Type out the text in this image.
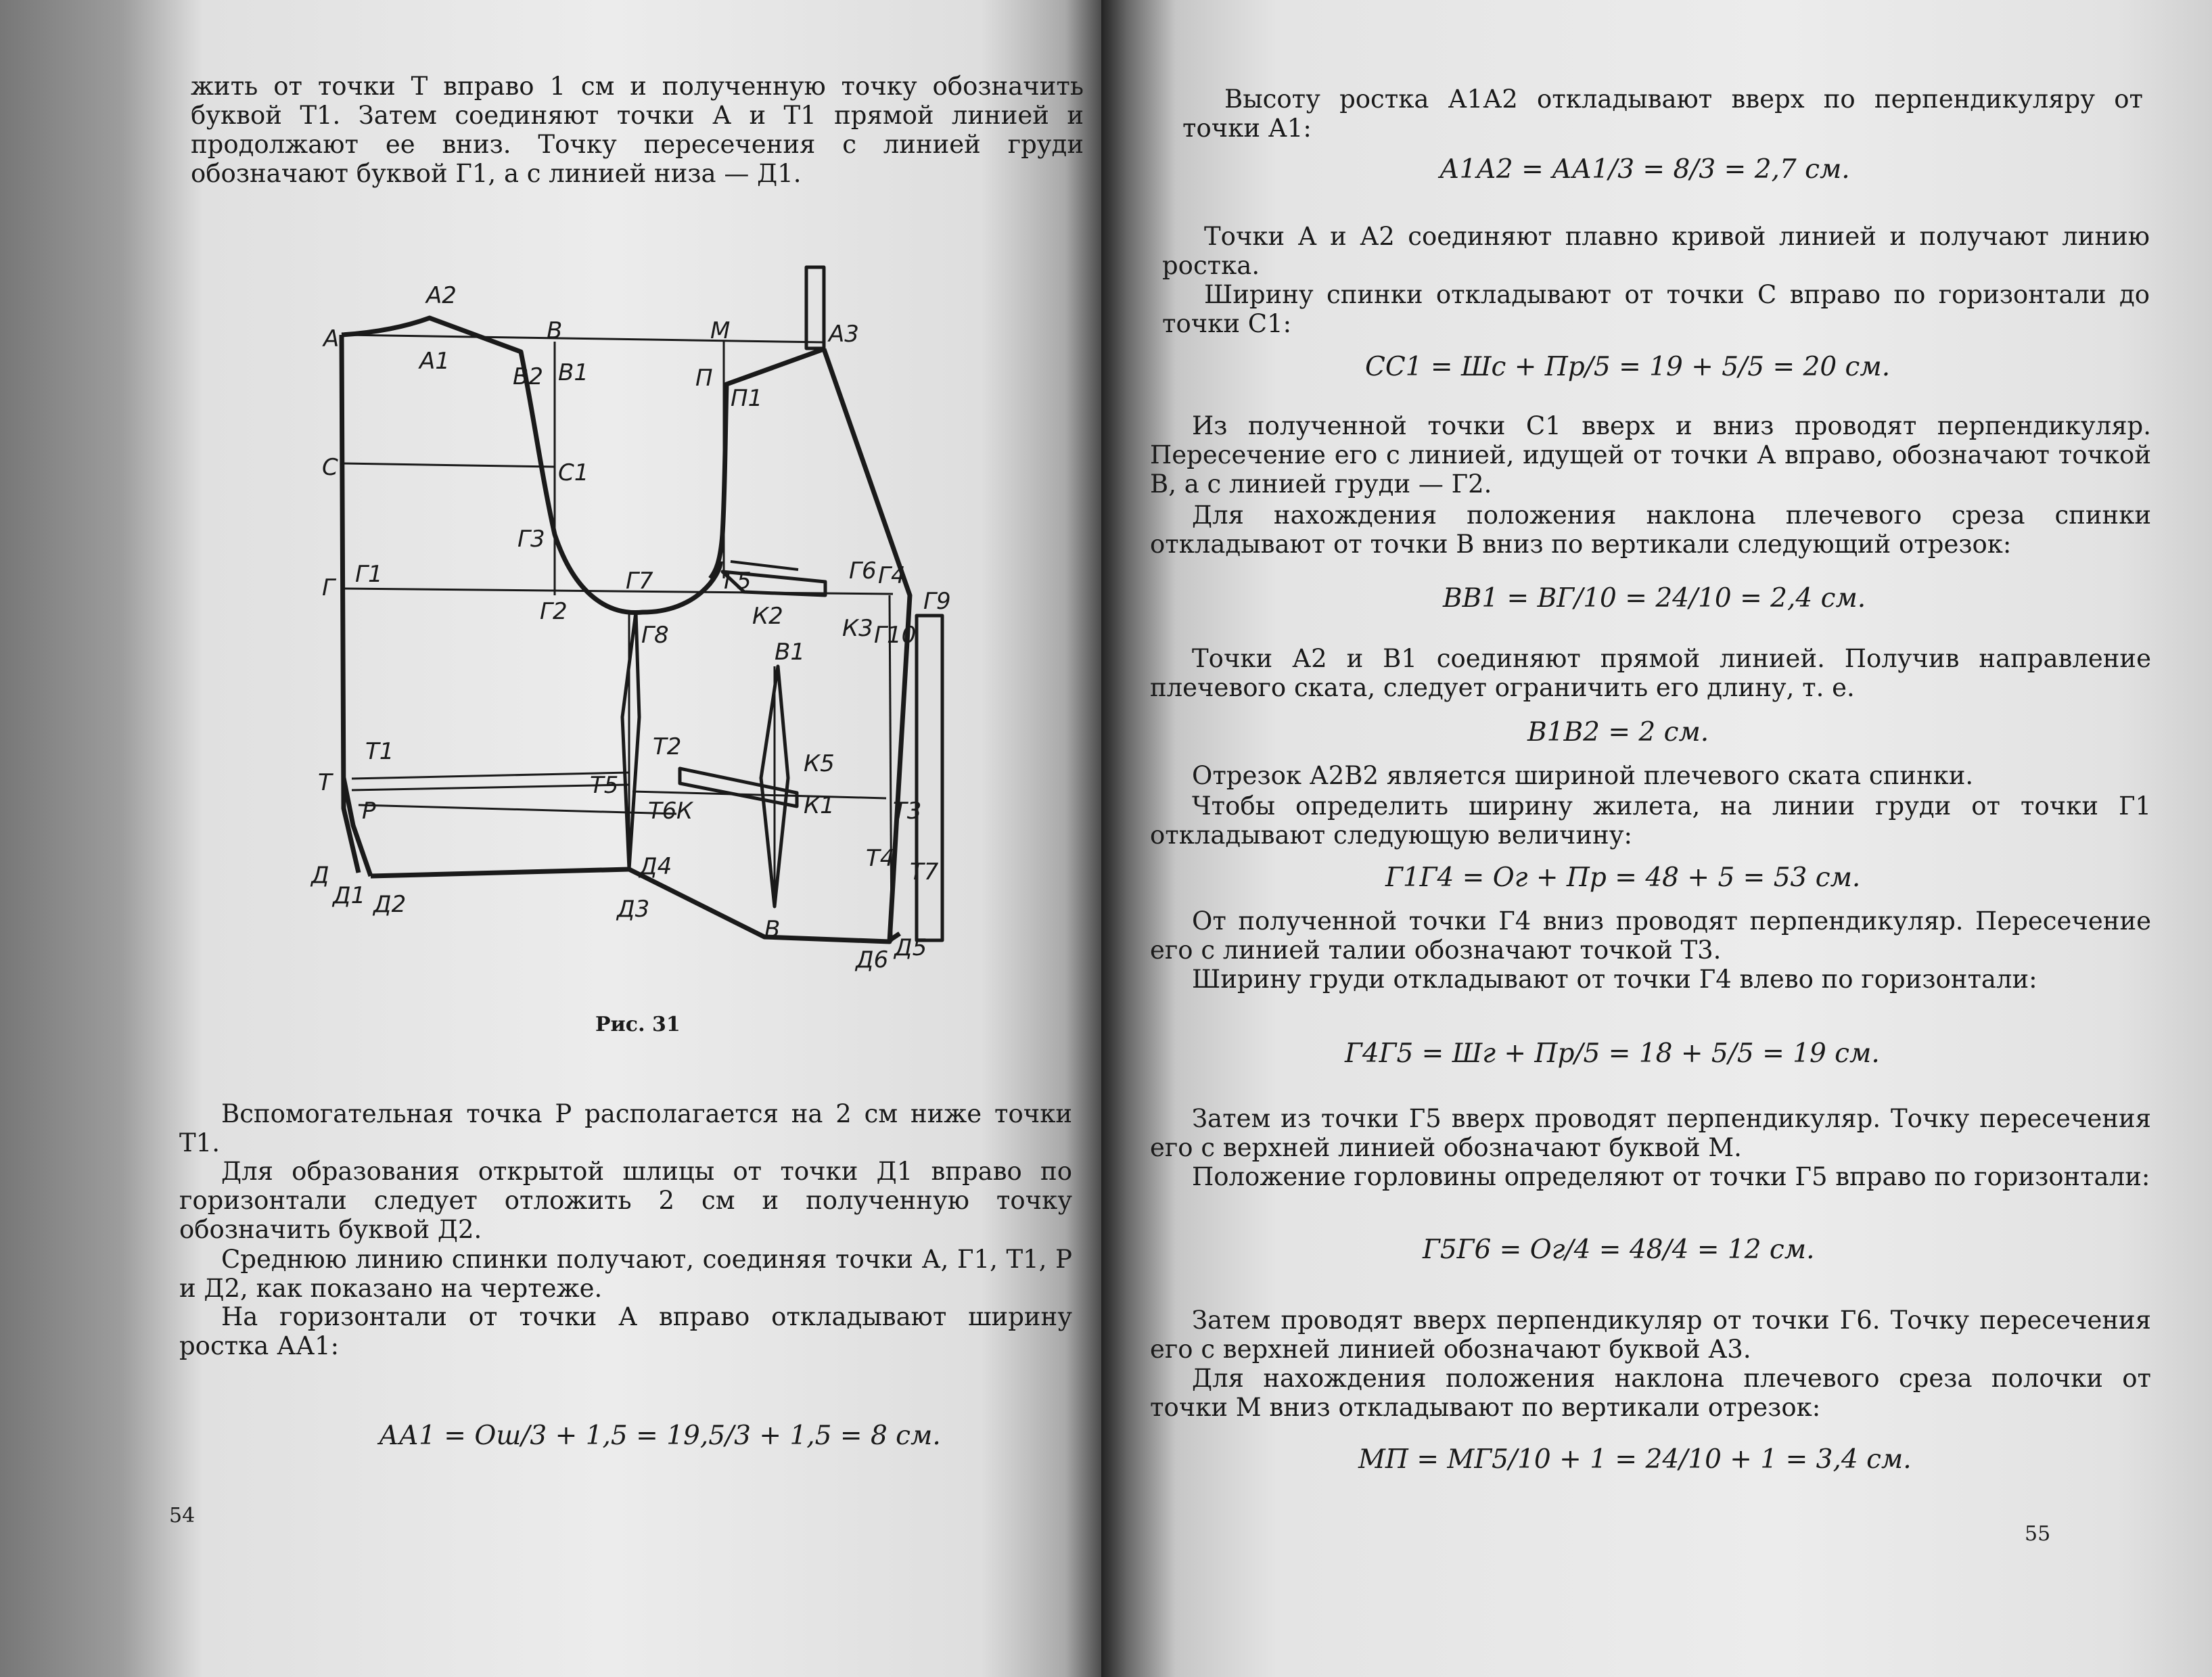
жить от точки Т вправо 1 см и полученную точку обозначить буквой Т1. Затем соединяют точки А и Т1 прямой линией и продолжают ее вниз. Точку пересечения с линией груди обозначают буквой Г1, а с линией низа — Д1.

А
А2
А1
В
В2 В1
М
П
П1
А3
С	С1
Г3
Г Г1
Г2
Г7
Г8
Г5
К2
Г6 Г4
К3 Г10
Г9
В1
Т
Т1
Р
Т2
Т5
Т6 К
К5
К1	Т3
Т4 Т7
Д4
Д
Д1 Д2	Д3
В
Д5
Д6
Рис. 31

Вспомогательная точка Р располагается на 2 см ниже точки Т1.

Для образования открытой шлицы от точки Д1 вправо по горизонтали следует отложить 2 см и полученную точку обозначить буквой Д2.

Среднюю линию спинки получают, соединяя точки А, Г1, Т1, Р и Д2, как показано на чертеже.

На горизонтали от точки А вправо откладывают ширину ростка АА1:

АА1 = Ош/3 + 1,5 = 19,5/3 + 1,5 = 8 см.
54

Высоту ростка А1А2 откладывают вверх по перпендикуляру от точки А1:

А1А2 = АА1/3 = 8/3 = 2,7 см.

Точки А и А2 соединяют плавно кривой линией и получают линию ростка.

Ширину спинки откладывают от точки С вправо по горизонтали до точки С1:

СС1 = Шс + Пр/5 = 19 + 5/5 = 20 см.

Из полученной точки С1 вверх и вниз проводят перпендикуляр. Пересечение его с линией, идущей от точки А вправо, обозначают точкой В, а с линией груди — Г2.

Для нахождения положения наклона плечевого среза спинки откладывают от точки В вниз по вертикали следующий отрезок:

ВВ1 = ВГ/10 = 24/10 = 2,4 см.

Точки А2 и В1 соединяют прямой линией. Получив направление плечевого ската, следует ограничить его длину, т. е.

В1В2 = 2 см.

Отрезок А2В2 является шириной плечевого ската спинки.

Чтобы определить ширину жилета, на линии груди от точки Г1 откладывают следующую величину:

Г1Г4 = Ог + Пр = 48 + 5 = 53 см.

От полученной точки Г4 вниз проводят перпендикуляр. Пересечение его с линией талии обозначают точкой Т3.

Ширину груди откладывают от точки Г4 влево по горизонтали:

Г4Г5 = Шг + Пр/5 = 18 + 5/5 = 19 см.

Затем из точки Г5 вверх проводят перпендикуляр. Точку пересечения его с верхней линией обозначают буквой М.

Положение горловины определяют от точки Г5 вправо по горизонтали:

Г5Г6 = Ог/4 = 48/4 = 12 см.

Затем проводят вверх перпендикуляр от точки Г6. Точку пересечения его с верхней линией обозначают буквой А3.

Для нахождения положения наклона плечевого среза полочки от точки М вниз откладывают по вертикали отрезок:

МП = МГ5/10 + 1 = 24/10 + 1 = 3,4 см.
55
